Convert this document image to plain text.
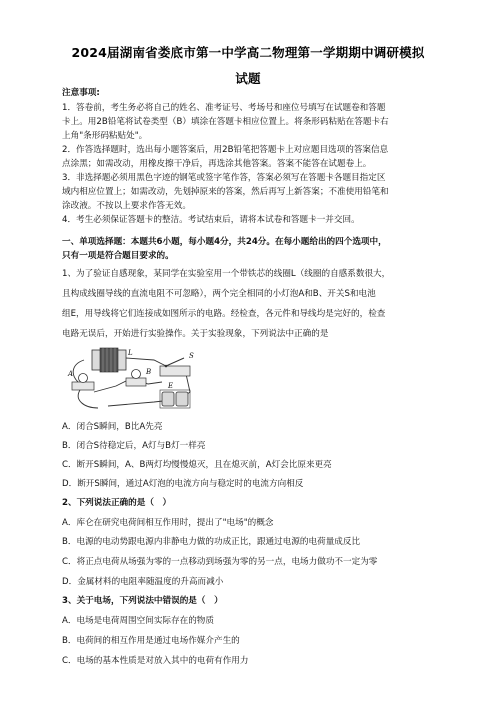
2024届湖南省娄底市第一中学高二物理第一学期期中调研模拟
试题
注意事项:
1．答卷前，考生务必将自己的姓名、准考证号、考场号和座位号填写在试题卷和答题
卡上。用2B铅笔将试卷类型（B）填涂在答题卡相应位置上。将条形码粘贴在答题卡右
上角"条形码粘贴处"。
2．作答选择题时，选出每小题答案后，用2B铅笔把答题卡上对应题目选项的答案信息
点涂黑；如需改动，用橡皮擦干净后，再选涂其他答案。答案不能答在试题卷上。
3．非选择题必须用黑色字迹的钢笔或签字笔作答，答案必须写在答题卡各题目指定区
域内相应位置上；如需改动，先划掉原来的答案，然后再写上新答案；不准使用铅笔和
涂改液。不按以上要求作答无效。
4．考生必须保证答题卡的整洁。考试结束后，请将本试卷和答题卡一并交回。
一、单项选择题：本题共6小题，每小题4分，共24分。在每小题给出的四个选项中，
只有一项是符合题目要求的。
1、为了验证自感现象，某同学在实验室用一个带铁芯的线圈L（线圈的自感系数很大，
且构成线圈导线的直流电阻不可忽略），两个完全相同的小灯泡A和B、开关S和电池
组E，用导线将它们连接成如图所示的电路。经检查，各元件和导线均是完好的，检查
电路无误后，开始进行实验操作。关于实验现象，下列说法中正确的是
S
A	B
E
L
A．闭合S瞬间，B比A先亮
B．闭合S待稳定后，A灯与B灯一样亮
C．断开S瞬间，A、B两灯均慢慢熄灭，且在熄灭前，A灯会比原来更亮
D．断开S瞬间，通过A灯泡的电流方向与稳定时的电流方向相反
2、下列说法正确的是（　）
A．库仑在研究电荷间相互作用时，提出了"电场"的概念
B．电源的电动势跟电源内非静电力做的功成正比，跟通过电源的电荷量成反比
C．将正点电荷从场强为零的一点移动到场强为零的另一点，电场力做功不一定为零
D．金属材料的电阻率随温度的升高而减小
3、关于电场，下列说法中错误的是（　）
A．电场是电荷周围空间实际存在的物质
B．电荷间的相互作用是通过电场作媒介产生的
C．电场的基本性质是对放入其中的电荷有作用力
